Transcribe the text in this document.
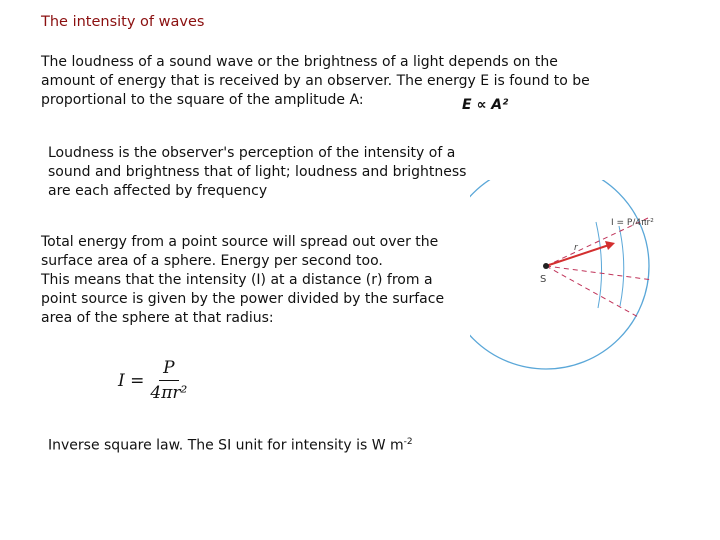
The intensity of waves
The loudness of a sound wave or the brightness of a light depends on the
amount of energy that is received by an observer. The energy E is found to be
proportional to the square of the amplitude A:	E ∝ A²
Loudness is the observer's perception of the intensity of a
sound and brightness that of light; loudness and brightness
are each affected by frequency
Total energy from a point source will spread out over the
surface area of a sphere. Energy per second too.
This means that the intensity (I) at a distance (r) from a
point source is given by the power divided by the surface
area of the sphere at that radius:
$I = \frac{P}{\text{4πr²}}$
Inverse square law. The SI unit for intensity is W $m^{-2}$
S
r
I = P/4πr²
